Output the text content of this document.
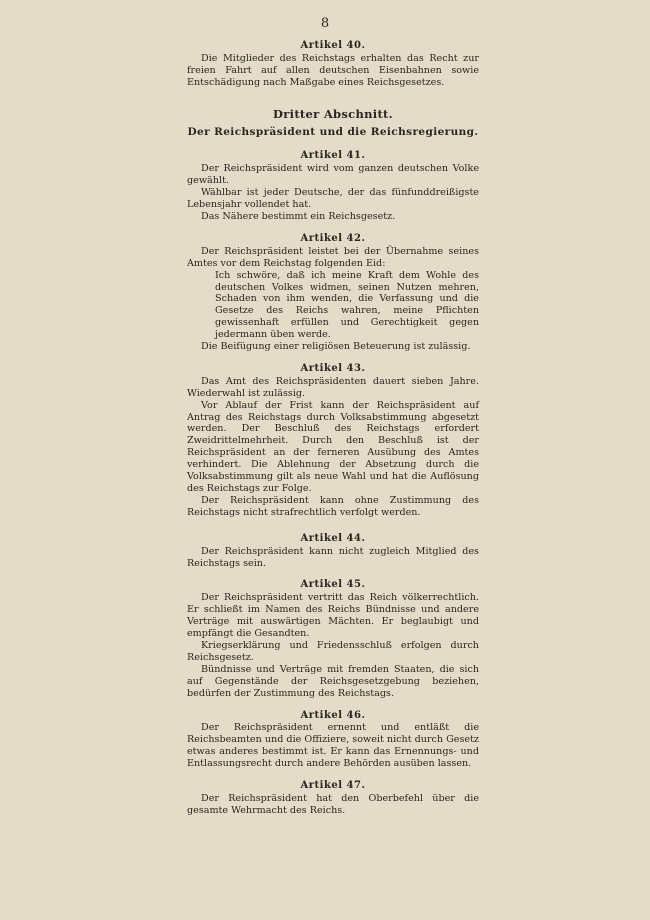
8
Artikel 40.

Die Mitglieder des Reichstags erhalten das Recht zur freien Fahrt auf allen deutschen Eisenbahnen sowie Entschädigung nach Maßgabe eines Reichsgesetzes.

Dritter Abschnitt.
Der Reichspräsident und die Reichsregierung.
Artikel 41.

Der Reichspräsident wird vom ganzen deutschen Volke gewählt.

Wählbar ist jeder Deutsche, der das fünfunddreißigste Lebensjahr vollendet hat.

Das Nähere bestimmt ein Reichsgesetz.

Artikel 42.

Der Reichspräsident leistet bei der Übernahme seines Amtes vor dem Reichstag folgenden Eid:

Ich schwöre, daß ich meine Kraft dem Wohle des deutschen Volkes widmen, seinen Nutzen mehren, Schaden von ihm wenden, die Verfassung und die Gesetze des Reichs wahren, meine Pflichten gewissenhaft erfüllen und Gerechtigkeit gegen jedermann üben werde.

Die Beifügung einer religiösen Beteuerung ist zulässig.

Artikel 43.

Das Amt des Reichspräsidenten dauert sieben Jahre. Wiederwahl ist zulässig.

Vor Ablauf der Frist kann der Reichspräsident auf Antrag des Reichstags durch Volksabstimmung abgesetzt werden. Der Beschluß des Reichstags erfordert Zweidrittelmehrheit. Durch den Beschluß ist der Reichspräsident an der ferneren Ausübung des Amtes verhindert. Die Ablehnung der Absetzung durch die Volksabstimmung gilt als neue Wahl und hat die Auflösung des Reichstags zur Folge.

Der Reichspräsident kann ohne Zustimmung des Reichstags nicht strafrechtlich verfolgt werden.

Artikel 44.

Der Reichspräsident kann nicht zugleich Mitglied des Reichstags sein.

Artikel 45.

Der Reichspräsident vertritt das Reich völkerrechtlich. Er schließt im Namen des Reichs Bündnisse und andere Verträge mit auswärtigen Mächten. Er beglaubigt und empfängt die Gesandten.

Kriegserklärung und Friedensschluß erfolgen durch Reichsgesetz.

Bündnisse und Verträge mit fremden Staaten, die sich auf Gegenstände der Reichsgesetzgebung beziehen, bedürfen der Zustimmung des Reichstags.

Artikel 46.

Der Reichspräsident ernennt und entläßt die Reichsbeamten und die Offiziere, soweit nicht durch Gesetz etwas anderes bestimmt ist. Er kann das Ernennungs- und Entlassungsrecht durch andere Behörden ausüben lassen.

Artikel 47.

Der Reichspräsident hat den Oberbefehl über die gesamte Wehrmacht des Reichs.
